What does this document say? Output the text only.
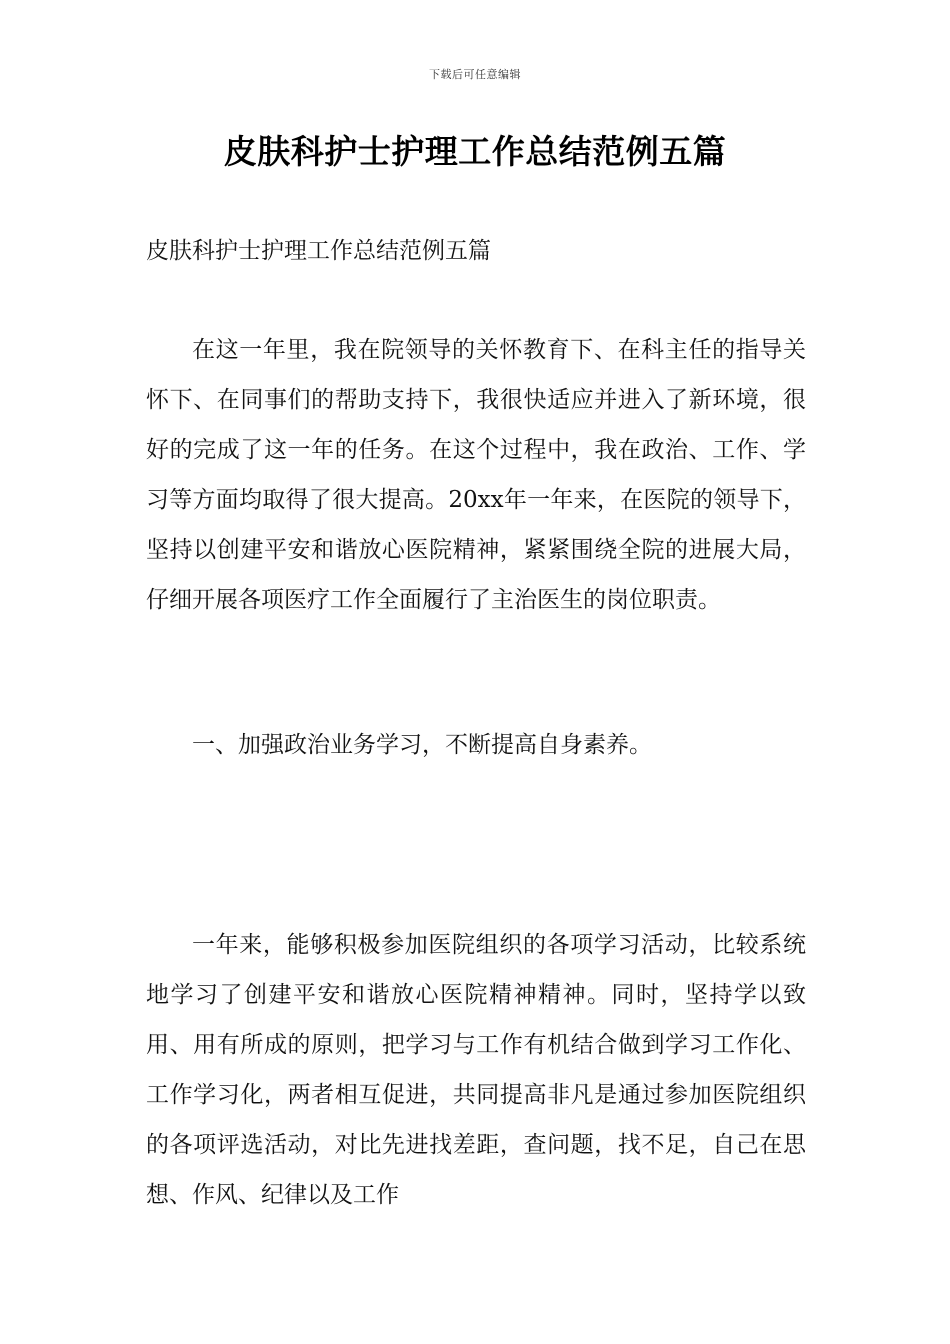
下载后可任意编辑
皮肤科护士护理工作总结范例五篇

皮肤科护士护理工作总结范例五篇

在这一年里，我在院领导的关怀教育下、在科主任的指导关怀下、在同事们的帮助支持下，我很快适应并进入了新环境，很好的完成了这一年的任务。在这个过程中，我在政治、工作、学习等方面均取得了很大提高。20xx年一年来，在医院的领导下，坚持以创建平安和谐放心医院精神，紧紧围绕全院的进展大局，仔细开展各项医疗工作全面履行了主治医生的岗位职责。

一、加强政治业务学习，不断提高自身素养。

一年来，能够积极参加医院组织的各项学习活动，比较系统地学习了创建平安和谐放心医院精神精神。同时，坚持学以致用、用有所成的原则，把学习与工作有机结合做到学习工作化、工作学习化，两者相互促进，共同提高非凡是通过参加医院组织的各项评选活动，对比先进找差距，查问题，找不足，自己在思想、作风、纪律以及工作
